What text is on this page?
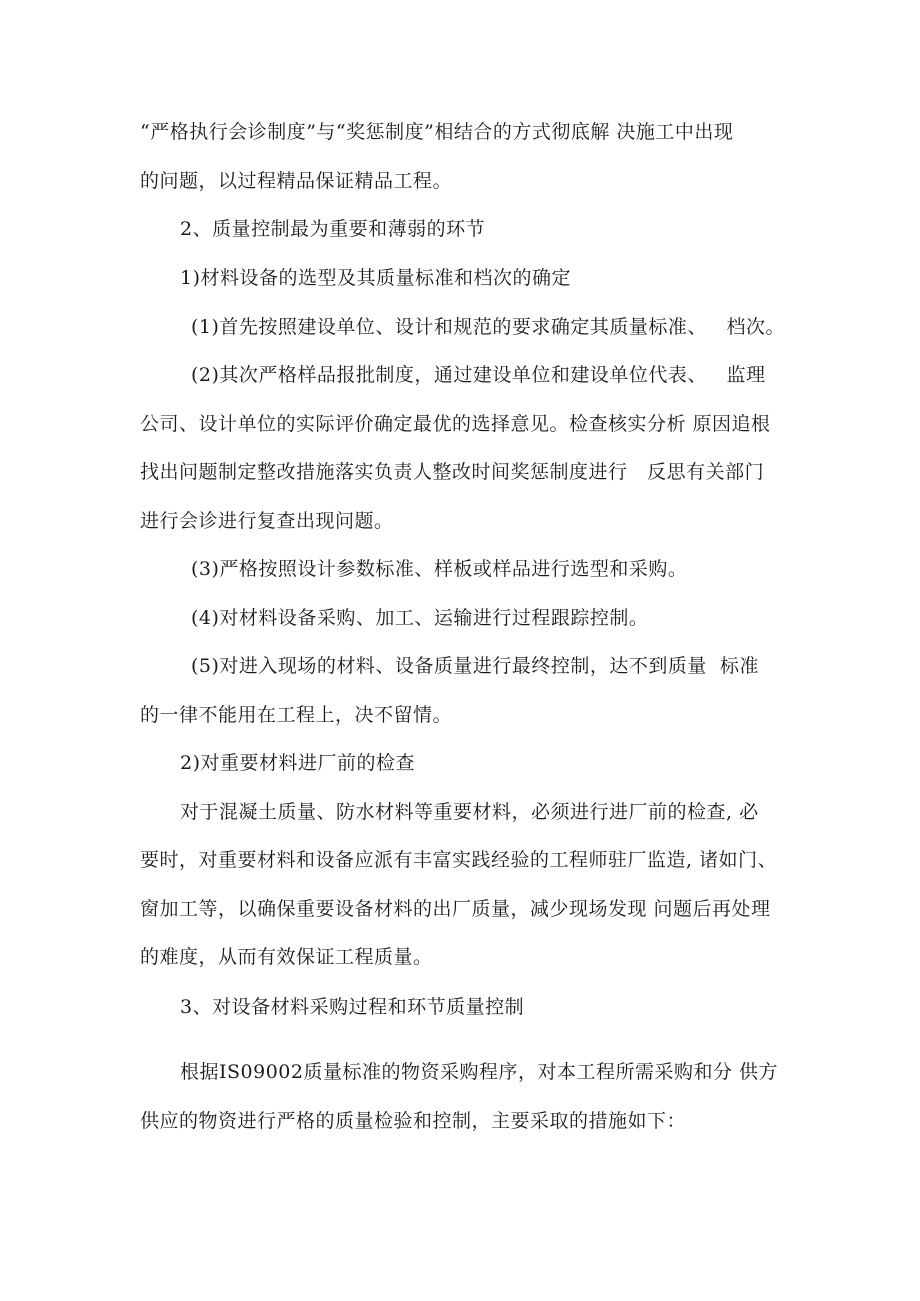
“严格执行会诊制度”与“奖惩制度”相结合的方式彻底解 决施工中出现
的问题，以过程精品保证精品工程。
2、质量控制最为重要和薄弱的环节
1)材料设备的选型及其质量标准和档次的确定
(1)首先按照建设单位、设计和规范的要求确定其质量标准、   档次。
(2)其次严格样品报批制度，通过建设单位和建设单位代表、   监理
公司、设计单位的实际评价确定最优的选择意见。检查核实分析 原因追根
找出问题制定整改措施落实负责人整改时间奖惩制度进行   反思有关部门
进行会诊进行复查出现问题。
(3)严格按照设计参数标准、样板或样品进行选型和采购。
(4)对材料设备采购、加工、运输进行过程跟踪控制。
(5)对进入现场的材料、设备质量进行最终控制，达不到质量  标准
的一律不能用在工程上，决不留情。
2)对重要材料进厂前的检查
对于混凝土质量、防水材料等重要材料，必须进行进厂前的检查, 必
要时，对重要材料和设备应派有丰富实践经验的工程师驻厂监造, 诸如门、
窗加工等，以确保重要设备材料的出厂质量，减少现场发现 问题后再处理
的难度，从而有效保证工程质量。
3、对设备材料采购过程和环节质量控制
根据IS09002质量标准的物资采购程序，对本工程所需采购和分 供方
供应的物资进行严格的质量检验和控制，主要采取的措施如下：
